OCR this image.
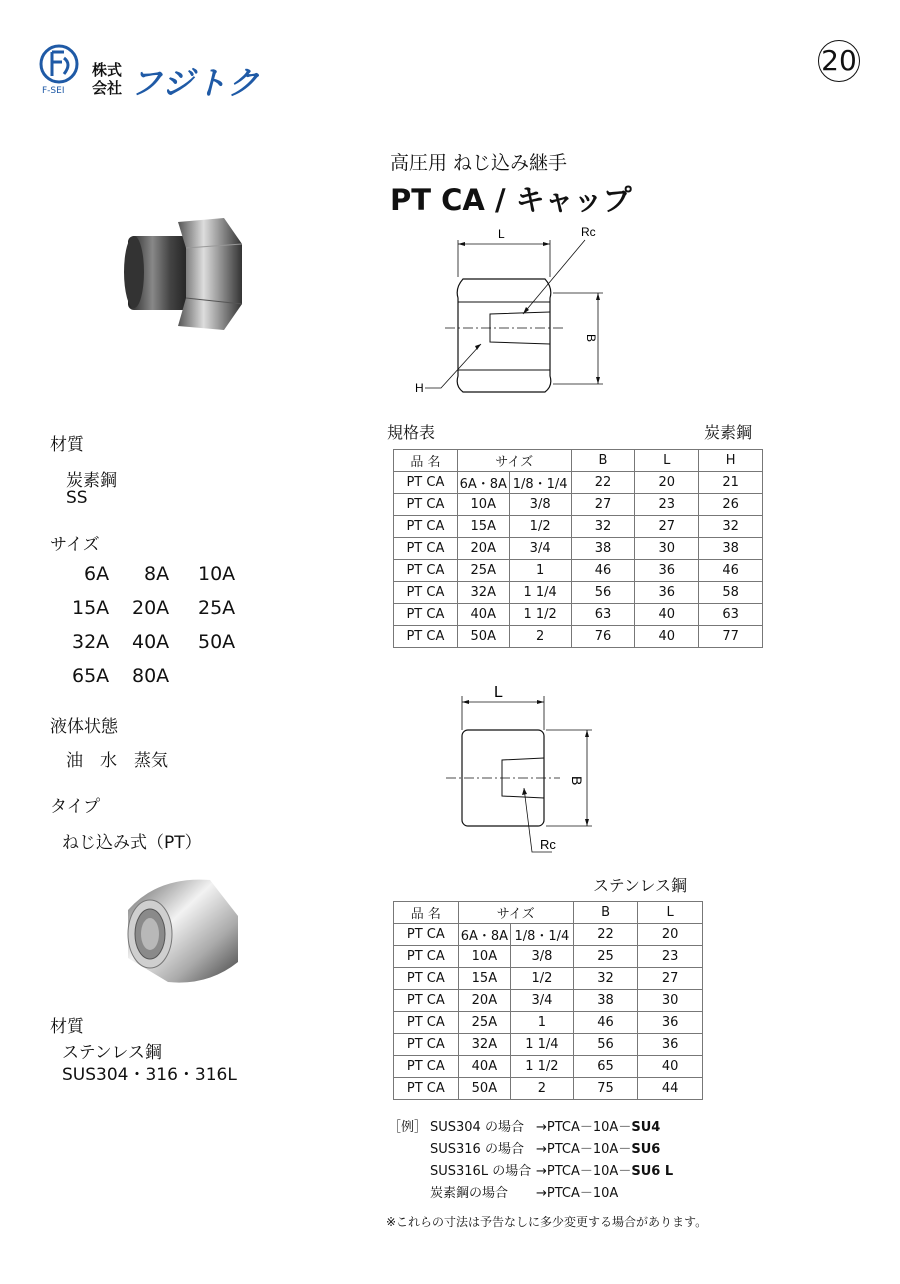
F-SEI
株式
会社 フジトク
20
高圧用 ねじ込み継手
PT CA / キャップ
材質
炭素鋼
SS
サイズ
6A 8A 10A
15A 20A 25A
32A 40A 50A
65A 80A
液体状態
油　水　蒸気
タイプ
ねじ込み式（PT）
材質
ステンレス鋼
SUS304・316・316L
L	Rc
B
H
規格表	炭素鋼
品 名	サイズ		B	L	H
PT CA	6A・8A	1/8・1/4	22	20	21
PT CA	10A	3/8	27	23	26
PT CA	15A	1/2	32	27	32
PT CA	20A	3/4	38	30	38
PT CA	25A	1	46	36	46
PT CA	32A	1 1/4	56	36	58
PT CA	40A	1 1/2	63	40	63
PT CA	50A	2	76	40	77
L
B
Rc
ステンレス鋼
品 名	サイズ		B	L
PT CA	6A・8A	1/8・1/4	22	20
PT CA	10A	3/8	25	23
PT CA	15A	1/2	32	27
PT CA	20A	3/4	38	30
PT CA	25A	1	46	36
PT CA	32A	1 1/4	56	36
PT CA	40A	1 1/2	65	40
PT CA	50A	2	75	44
［例］ SUS304 の場合 →PTCA－10A－SU4
SUS316 の場合 →PTCA－10A－SU6
SUS316L の場合 →PTCA－10A－SU6 L
炭素鋼の場合 →PTCA－10A
※これらの寸法は予告なしに多少変更する場合があります。
